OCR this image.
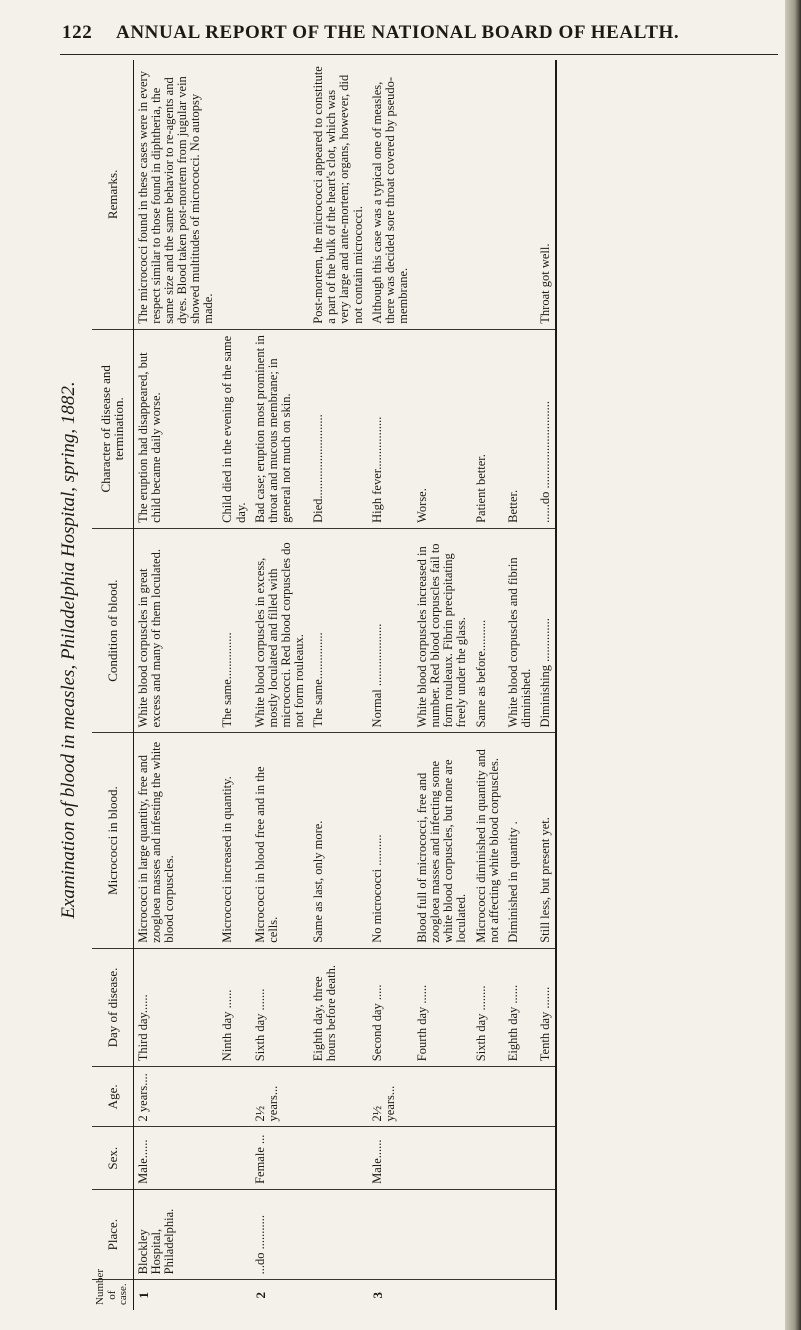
122 ANNUAL REPORT OF THE NATIONAL BOARD OF HEALTH.
Examination of blood in measles, Philadelphia Hospital, spring, 1882.
Number of case.	Place.	Sex.	Age.	Day of disease.	Micrococci in blood.	Condition of blood.	Character of disease and termination.	Remarks.
1	Blockley Hospital, Philadelphia.	Male......	2 years....	Third day......	Micrococci in large quantity, free and zoogloea masses and infesting the white blood corpuscles.	White blood corpuscles in great excess and many of them loculated.	The eruption had disappeared, but child became daily worse.	The micrococci found in these cases were in every respect similar to those found in diphtheria, the same size and the same behavior to re-agents and dyes. Blood taken post-mortem from jugular vein showed multitudes of micrococci. No autopsy made.
				Ninth day ......	Micrococci increased in quantity.	The same...............	Child died in the evening of the same day.	
2	...do ...........	Female ...	2½ years...	Sixth day .......	Micrococci in blood free and in the cells.	White blood corpuscles in excess, mostly loculated and filled with micrococci. Red blood corpuscles do not form rouleaux.	Bad case; eruption most prominent in throat and mucous membrane; in general not much on skin.	
				Eighth day, three hours before death.	Same as last, only more.	The same...............	Died...........................	Post-mortem, the micrococci appeared to constitute a part of the bulk of the heart's clot, which was very large and ante-mortem; organs, however, did not contain micrococci.
3		Male......	2½ years...	Second day .....	No micrococci ..........	Normal ....................	High fever.................	Although this case was a typical one of measles, there was decided sore throat covered by pseudo-membrane.
				Fourth day ......	Blood full of micrococci, free and zoogloea masses and infecting some white blood corpuscles, but none are loculated.	White blood corpuscles increased in number. Red blood corpuscles fail to form rouleaux. Fibrin precipitating freely under the glass.	Worse.	
				Sixth day ........	Micrococci diminished in quantity and not affecting white blood corpuscles.	Same as before..........	Patient better.	
				Eighth day ......	Diminished in quantity .	White blood corpuscles and fibrin diminished.	Better.	
				Tenth day .......	Still less, but present yet.	Diminishing ..............	......do ............................	Throat got well.
